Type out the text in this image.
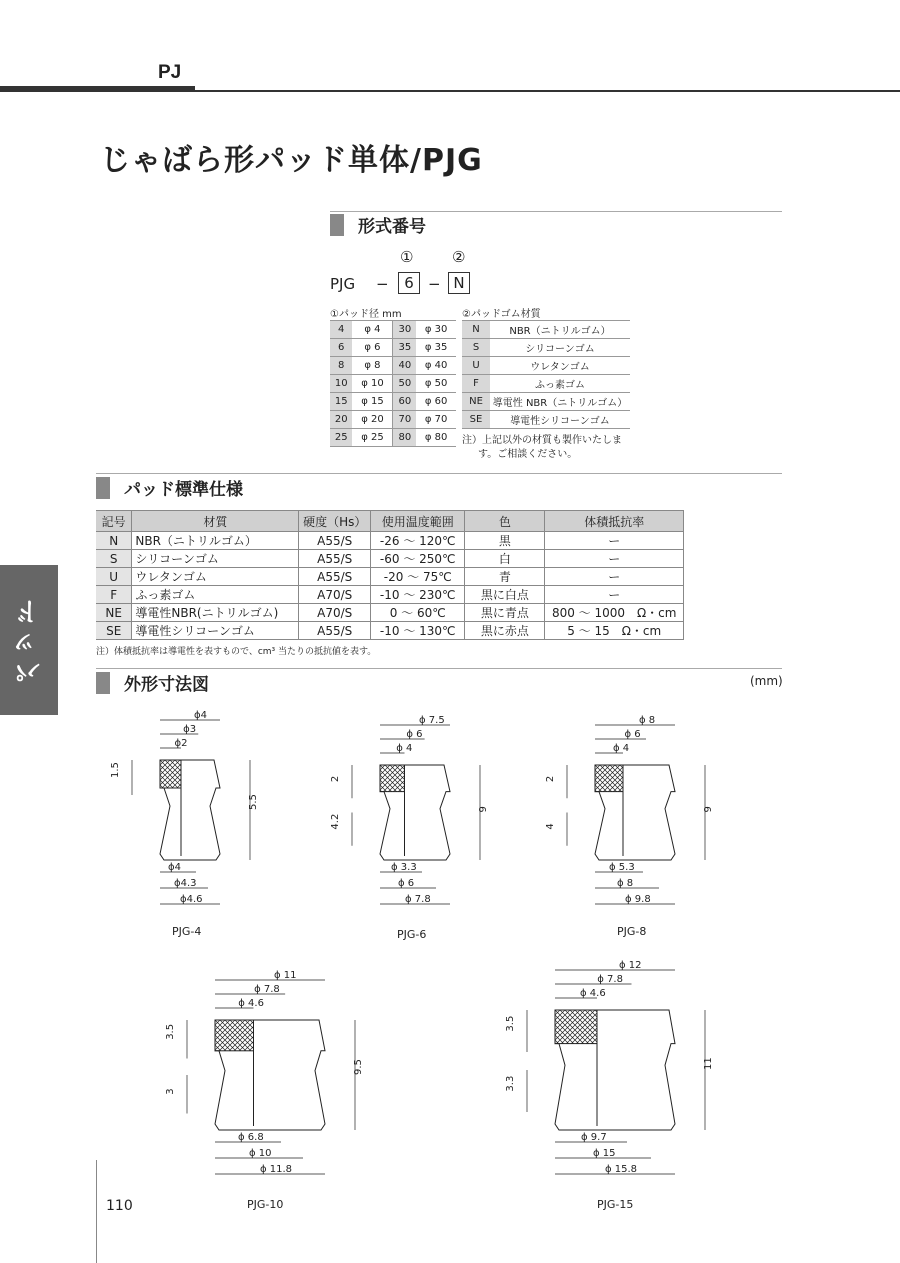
PJ
じゃばら形パッド単体/PJG
形式番号
①	②
PJG −	6 − N
①パッド径 mm
4	φ 4	30	φ 30
6	φ 6	35	φ 35
8	φ 8	40	φ 40
10	φ 10	50	φ 50
15	φ 15	60	φ 60
20	φ 20	70	φ 70
25	φ 25	80	φ 80
②パッドゴム材質
N	NBR（ニトリルゴム）
S	シリコーンゴム
U	ウレタンゴム
F	ふっ素ゴム
NE	導電性 NBR（ニトリルゴム）
SE	導電性シリコーンゴム
注）上記以外の材質も製作いたしま
す。ご相談ください。
パッド標準仕様
記号	材質	硬度（Hs）	使用温度範囲	色	体積抵抗率
N	NBR（ニトリルゴム）	A55/S	-26 〜 120℃	黒	ー
S	シリコーンゴム	A55/S	-60 〜 250℃	白	ー
U	ウレタンゴム	A55/S	-20 〜 75℃	青	ー
F	ふっ素ゴム	A70/S	-10 〜 230℃	黒に白点	ー
NE	導電性NBR(ニトリルゴム)	A70/S	0 〜 60℃	黒に青点	800 〜 1000　Ω・cm
SE	導電性シリコーンゴム	A55/S	-10 〜 130℃	黒に赤点	5 〜 15　Ω・cm
注）体積抵抗率は導電性を表すもので、cm³ 当たりの抵抗値を表す。
外形寸法図	(mm)
ϕ4
ϕ3
ϕ2
ϕ4
ϕ4.3
ϕ4.6
1.5
5.5
PJG-4
ϕ 7.5
ϕ 6
ϕ 4
ϕ 3.3
ϕ 6
ϕ 7.8
2
4.2
9
PJG-6
ϕ 8
ϕ 6
ϕ 4
ϕ 5.3
ϕ 8
ϕ 9.8
2
4
9
PJG-8
ϕ 11
ϕ 7.8
ϕ 4.6
ϕ 6.8
ϕ 10
ϕ 11.8
3.5
3
9.5
PJG-10
ϕ 12
ϕ 7.8
ϕ 4.6
ϕ 9.7
ϕ 15
ϕ 15.8
3.5
3.3
11
PJG-15
パッド
110
